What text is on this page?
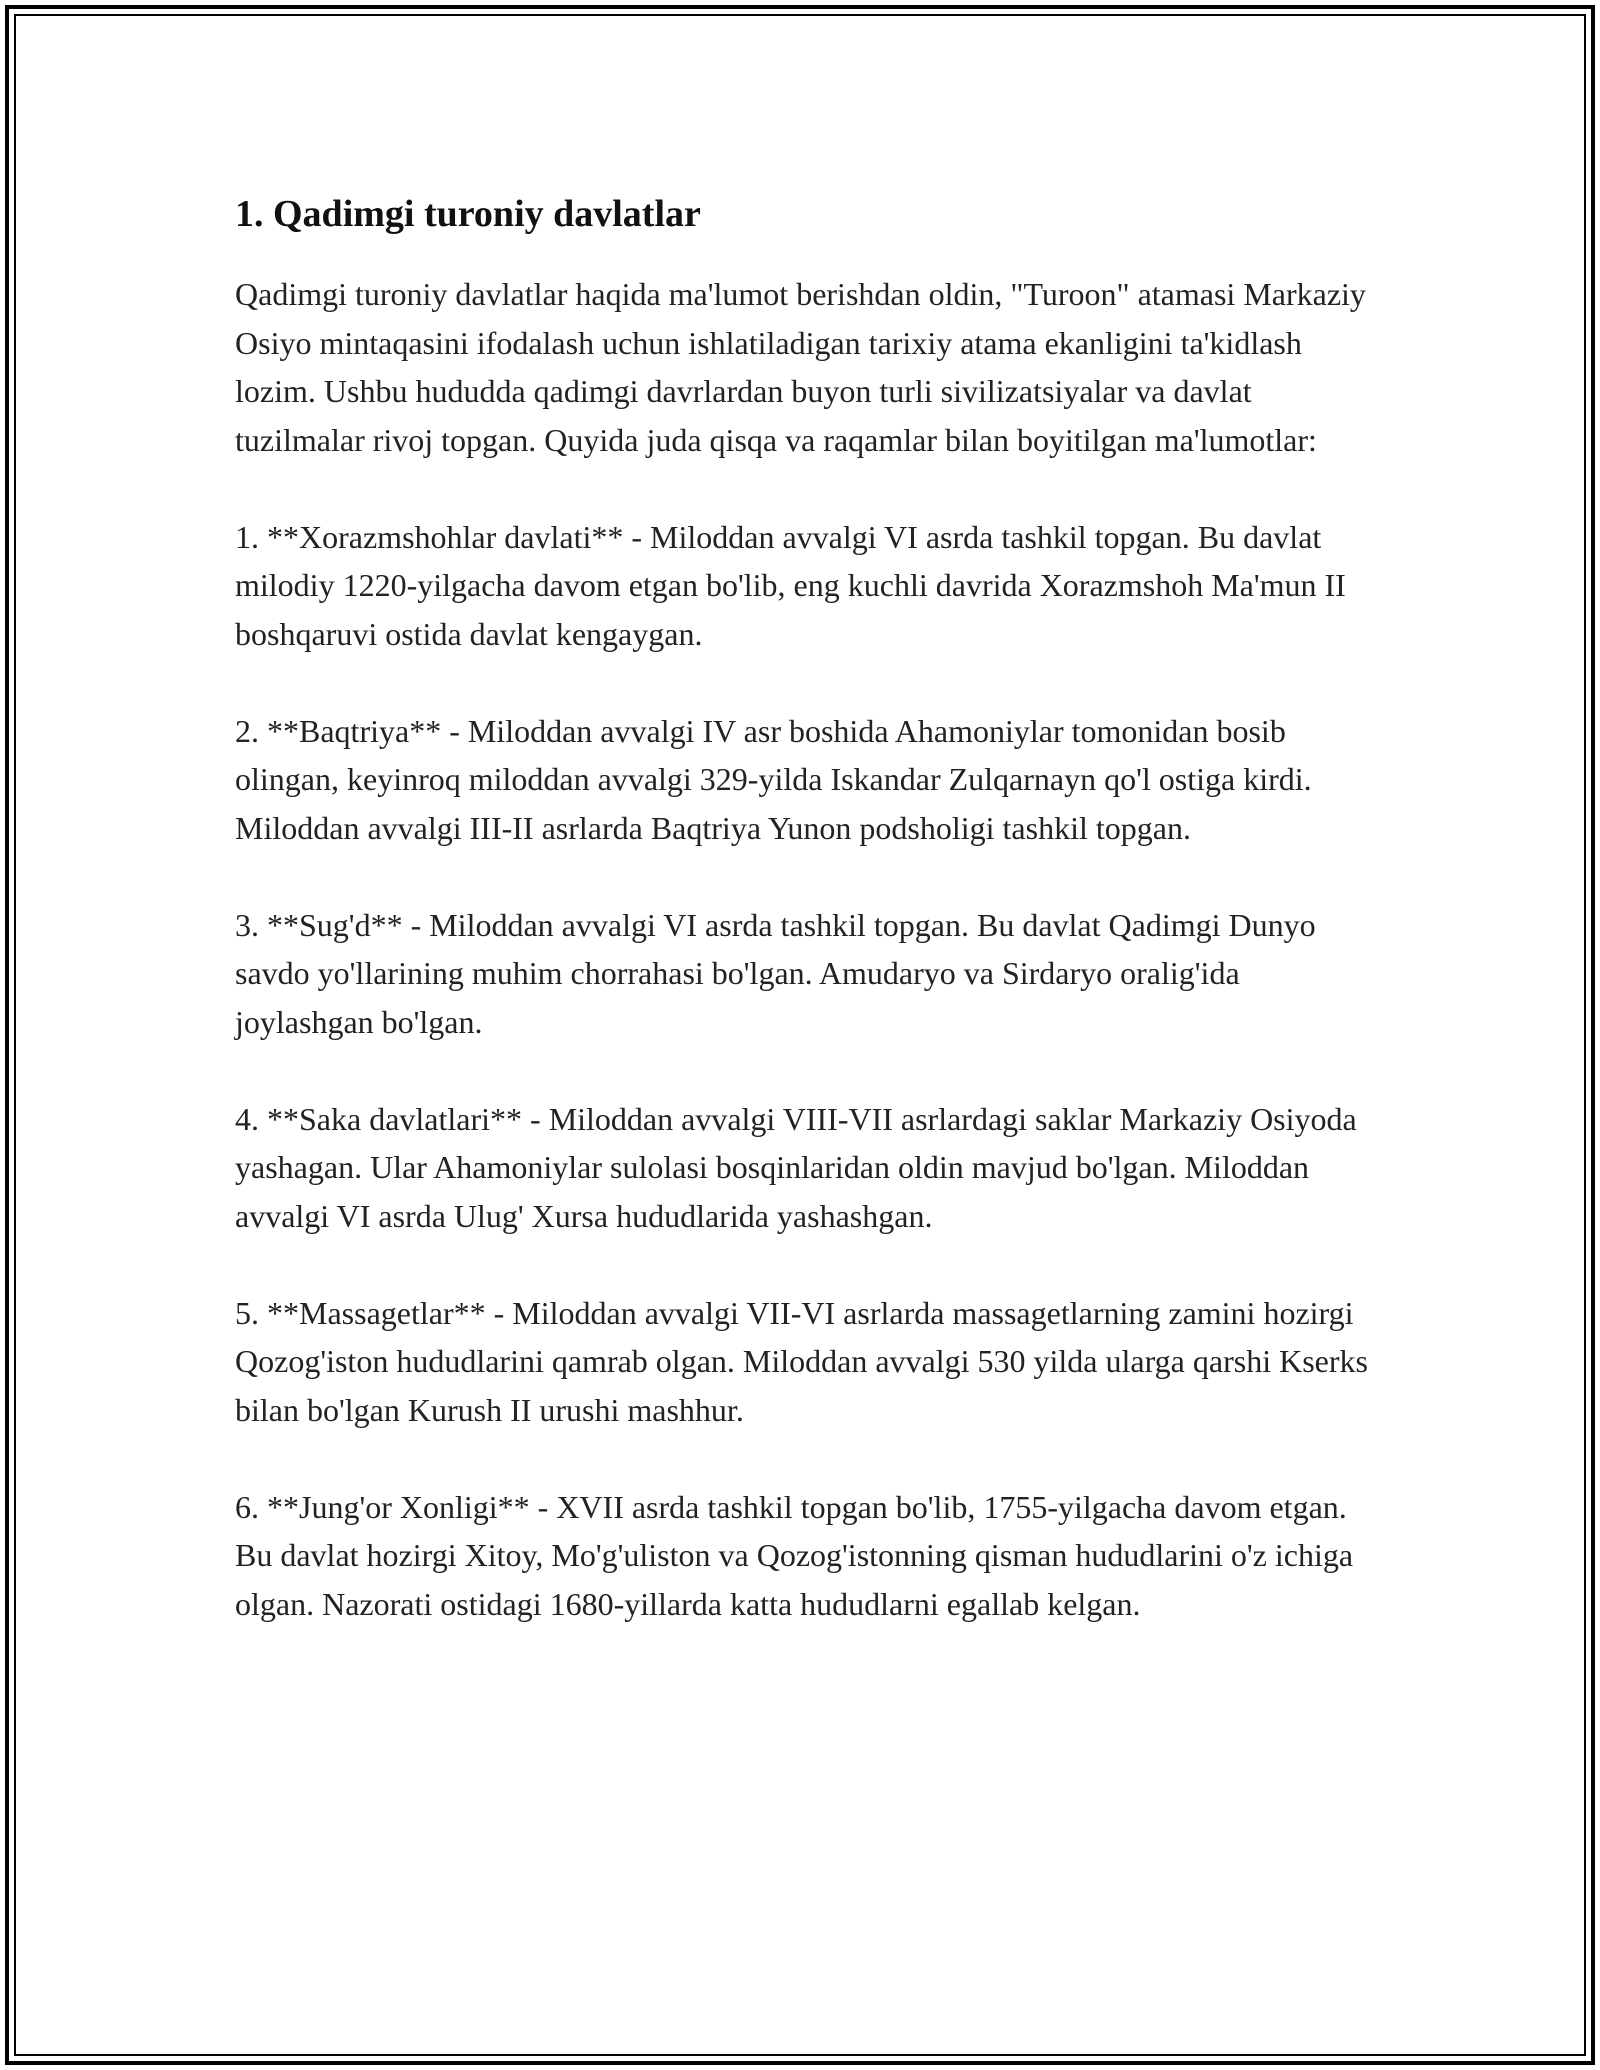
1. Qadimgi turoniy davlatlar

Qadimgi turoniy davlatlar haqida ma'lumot berishdan oldin, "Turoon" atamasi Markaziy Osiyo mintaqasini ifodalash uchun ishlatiladigan tarixiy atama ekanligini ta'kidlash lozim. Ushbu hududda qadimgi davrlardan buyon turli sivilizatsiyalar va davlat tuzilmalar rivoj topgan. Quyida juda qisqa va raqamlar bilan boyitilgan ma'lumotlar:

1. **Xorazmshohlar davlati** - Miloddan avvalgi VI asrda tashkil topgan. Bu davlat milodiy 1220-yilgacha davom etgan bo'lib, eng kuchli davrida Xorazmshoh Ma'mun II boshqaruvi ostida davlat kengaygan.

2. **Baqtriya** - Miloddan avvalgi IV asr boshida Ahamoniylar tomonidan bosib olingan, keyinroq miloddan avvalgi 329-yilda Iskandar Zulqarnayn qo'l ostiga kirdi. Miloddan avvalgi III-II asrlarda Baqtriya Yunon podsholigi tashkil topgan.

3. **Sug'd** - Miloddan avvalgi VI asrda tashkil topgan. Bu davlat Qadimgi Dunyo savdo yo'llarining muhim chorrahasi bo'lgan. Amudaryo va Sirdaryo oralig'ida joylashgan bo'lgan.

4. **Saka davlatlari** - Miloddan avvalgi VIII-VII asrlardagi saklar Markaziy Osiyoda yashagan. Ular Ahamoniylar sulolasi bosqinlaridan oldin mavjud bo'lgan. Miloddan avvalgi VI asrda Ulug' Xursa hududlarida yashashgan.

5. **Massagetlar** - Miloddan avvalgi VII-VI asrlarda massagetlarning zamini hozirgi Qozog'iston hududlarini qamrab olgan. Miloddan avvalgi 530 yilda ularga qarshi Kserks bilan bo'lgan Kurush II urushi mashhur.

6. **Jung'or Xonligi** - XVII asrda tashkil topgan bo'lib, 1755-yilgacha davom etgan. Bu davlat hozirgi Xitoy, Mo'g'uliston va Qozog'istonning qisman hududlarini o'z ichiga olgan. Nazorati ostidagi 1680-yillarda katta hududlarni egallab kelgan.
